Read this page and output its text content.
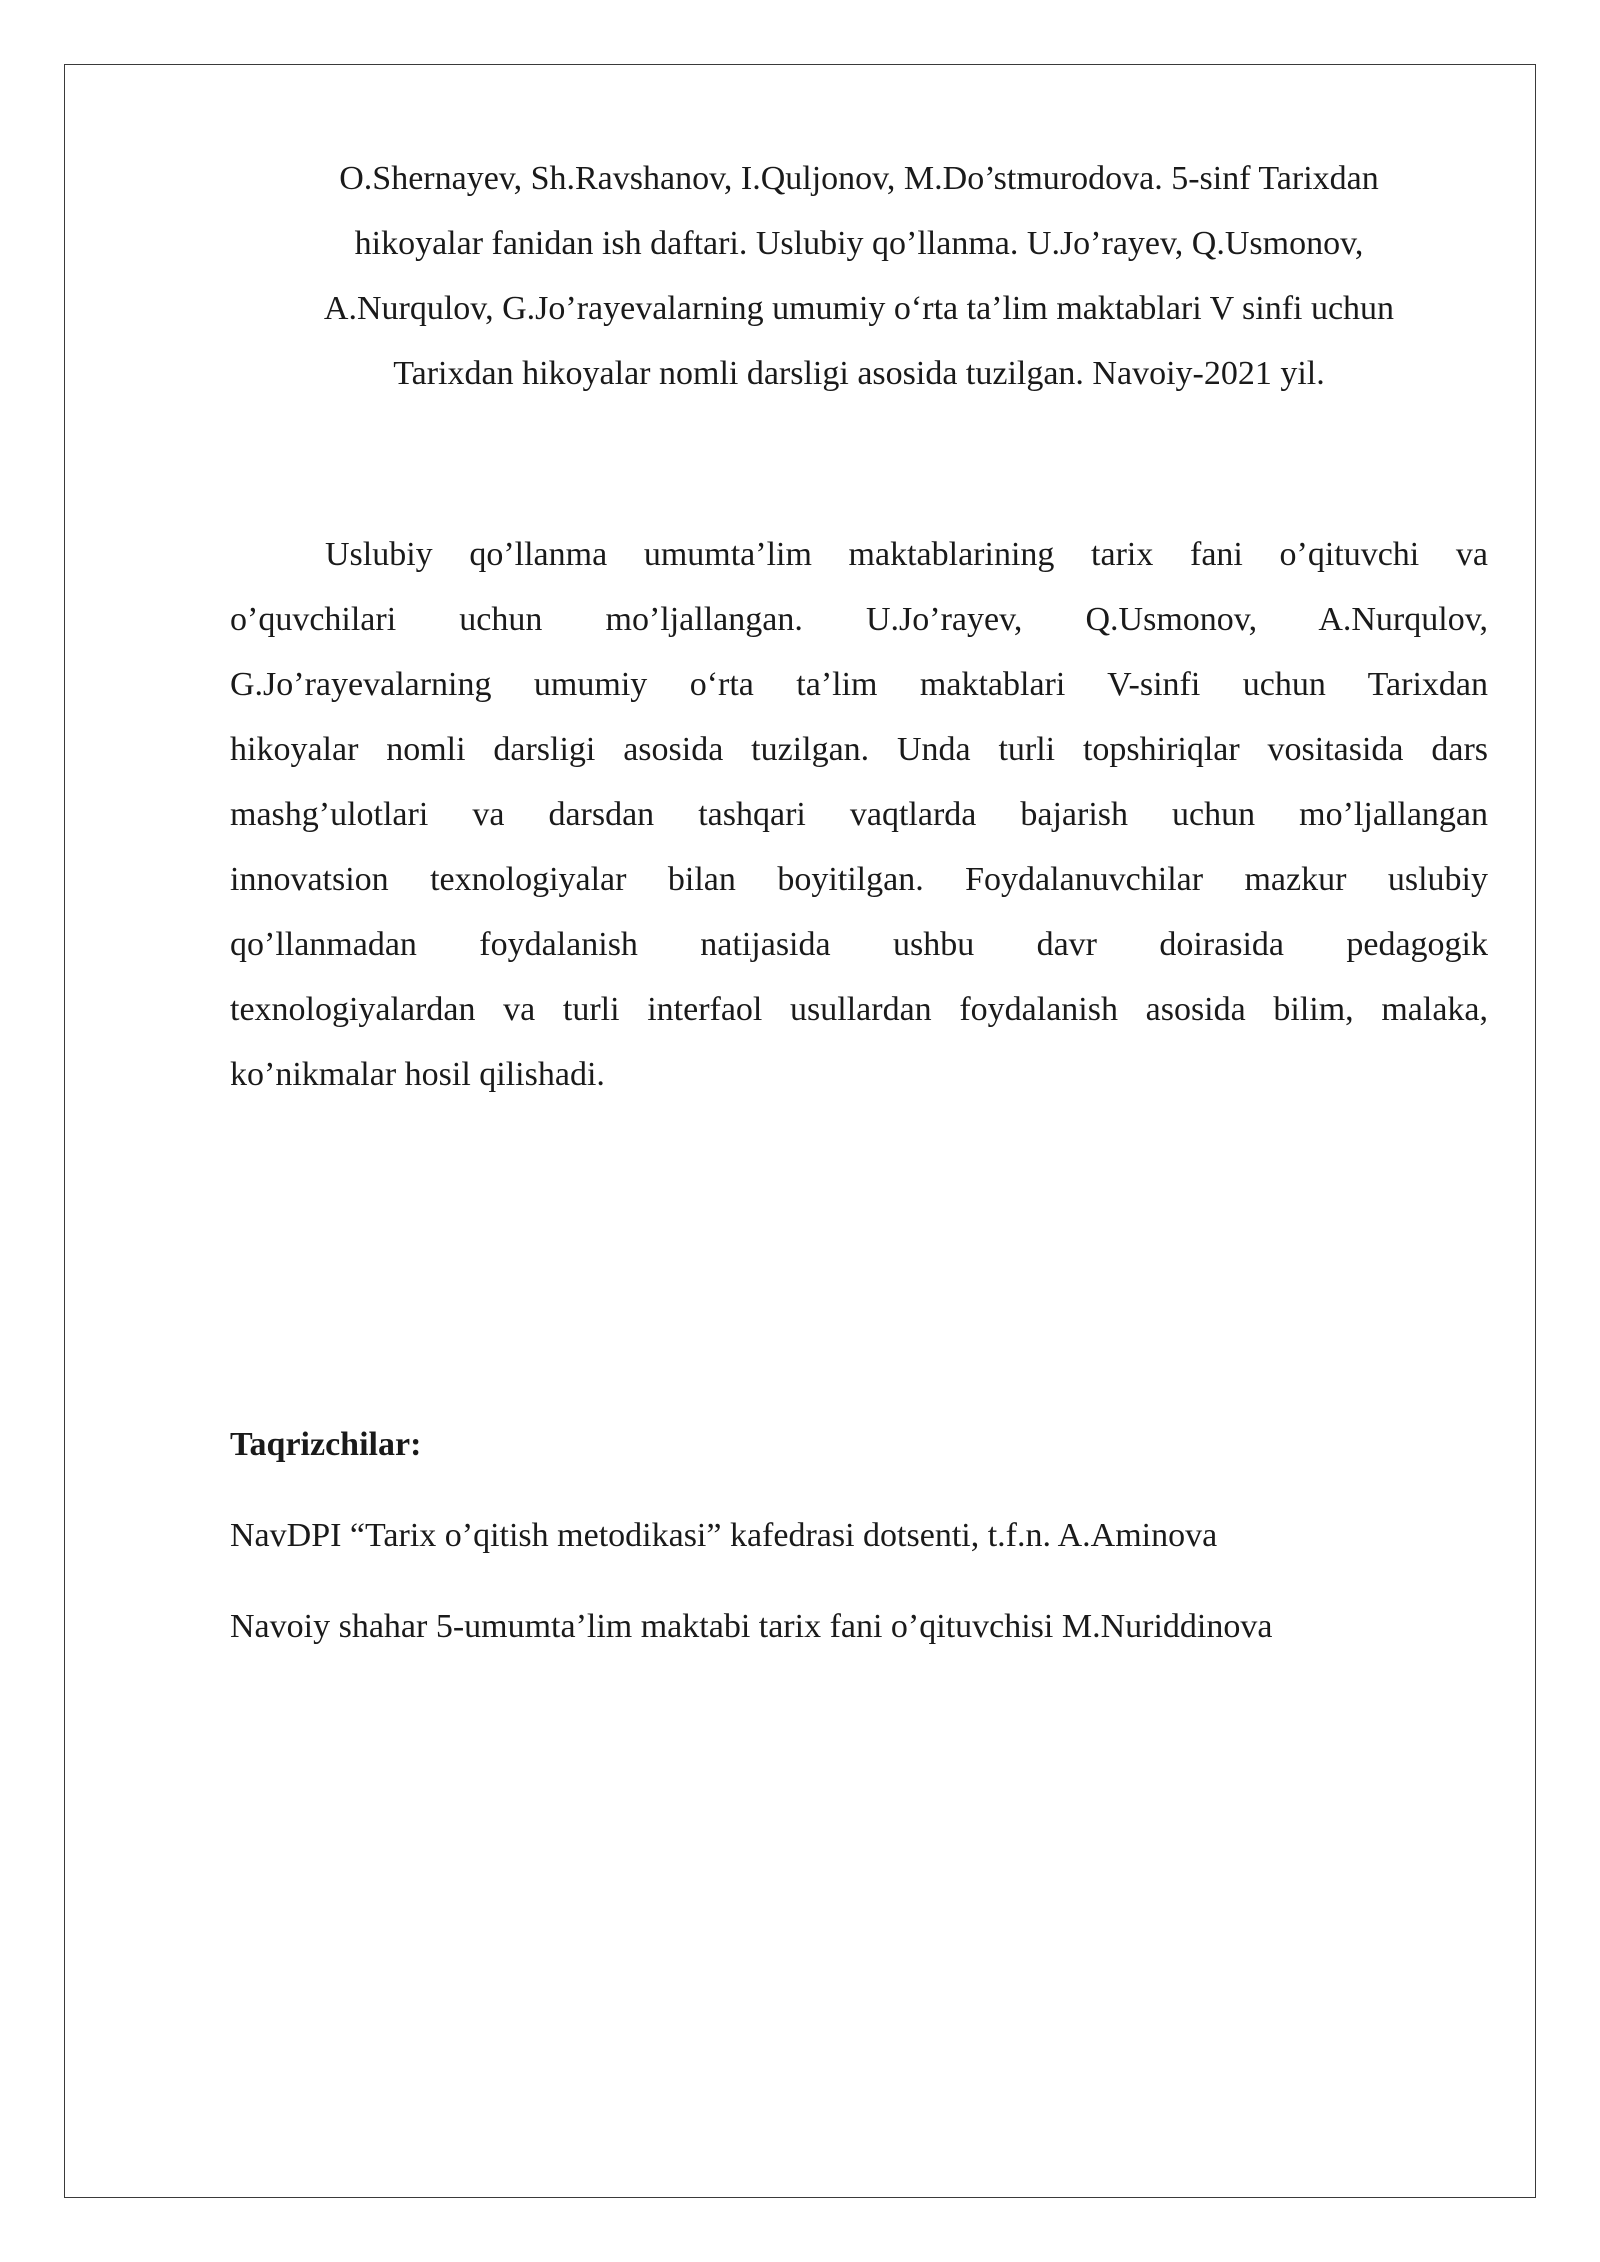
O.Shernayev, Sh.Ravshanov, I.Quljonov, M.Do’stmurodova. 5-sinf Tarixdan

hikoyalar fanidan ish daftari. Uslubiy qo’llanma. U.Jo’rayev, Q.Usmonov,

A.Nurqulov, G.Jo’rayevalarning umumiy o‘rta ta’lim maktablari V sinfi uchun

Tarixdan hikoyalar nomli darsligi asosida tuzilgan. Navoiy-2021 yil.

Uslubiy qo’llanma umumta’lim maktablarining tarix fani o’qituvchi va
o’quvchilari uchun mo’ljallangan. U.Jo’rayev, Q.Usmonov, A.Nurqulov,
G.Jo’rayevalarning umumiy o‘rta ta’lim maktablari V-sinfi uchun Tarixdan
hikoyalar nomli darsligi asosida tuzilgan. Unda turli topshiriqlar vositasida dars
mashg’ulotlari va darsdan tashqari vaqtlarda bajarish uchun mo’ljallangan
innovatsion texnologiyalar bilan boyitilgan. Foydalanuvchilar mazkur uslubiy
qo’llanmadan foydalanish natijasida ushbu davr doirasida pedagogik
texnologiyalardan va turli interfaol usullardan foydalanish asosida bilim, malaka,
ko’nikmalar hosil qilishadi.

Taqrizchilar:

NavDPI “Tarix o’qitish metodikasi” kafedrasi dotsenti, t.f.n. A.Aminova

Navoiy shahar 5-umumta’lim maktabi tarix fani o’qituvchisi M.Nuriddinova
